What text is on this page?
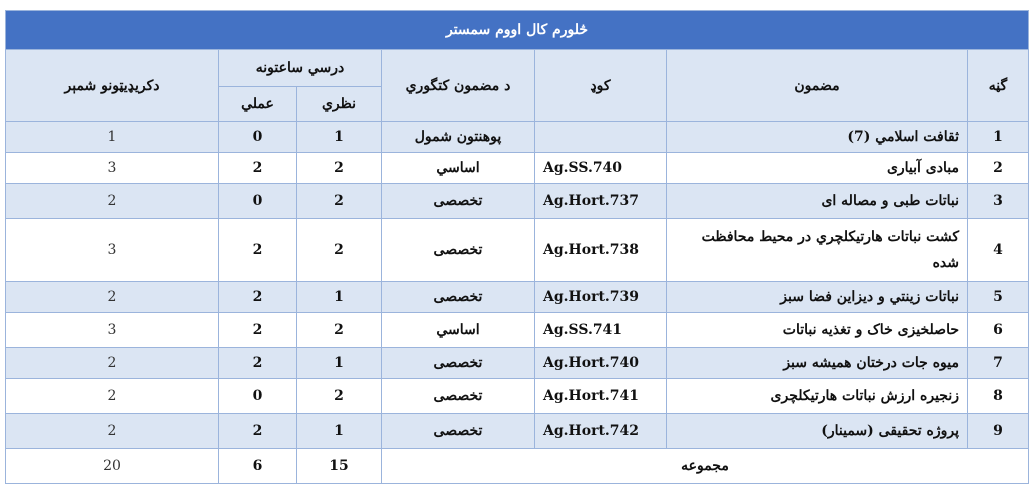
څلورم کال اووم سمستر						
گڼه	مضمون	کوډ	د مضمون کتگوري	درسي ساعتونه		دکریډیټونو شمېر
				نظري	عملي	
1	ثقافت اسلامي (7)		پوهنتون شمول	1	0	1
2	مبادی آبیاری	Ag.SS.740	اساسي	2	2	3
3	نباتات طبی و مصاله ای	Ag.Hort.737	تخصصی	2	0	2
4	کشت نباتات هارتیکلچري در محیط محافظت شده	Ag.Hort.738	تخصصی	2	2	3
5	نباتات زینتي و دیزاین فضا سبز	Ag.Hort.739	تخصصی	1	2	2
6	حاصلخیزی خاک و تغذیه نباتات	Ag.SS.741	اساسي	2	2	3
7	میوه جات درختان همیشه سبز	Ag.Hort.740	تخصصی	1	2	2
8	زنجیره ارزش نباتات هارتیکلچری	Ag.Hort.741	تخصصی	2	0	2
9	پروژه تحقیقی (سمینار)	Ag.Hort.742	تخصصی	1	2	2
مجموعه				15	6	20
